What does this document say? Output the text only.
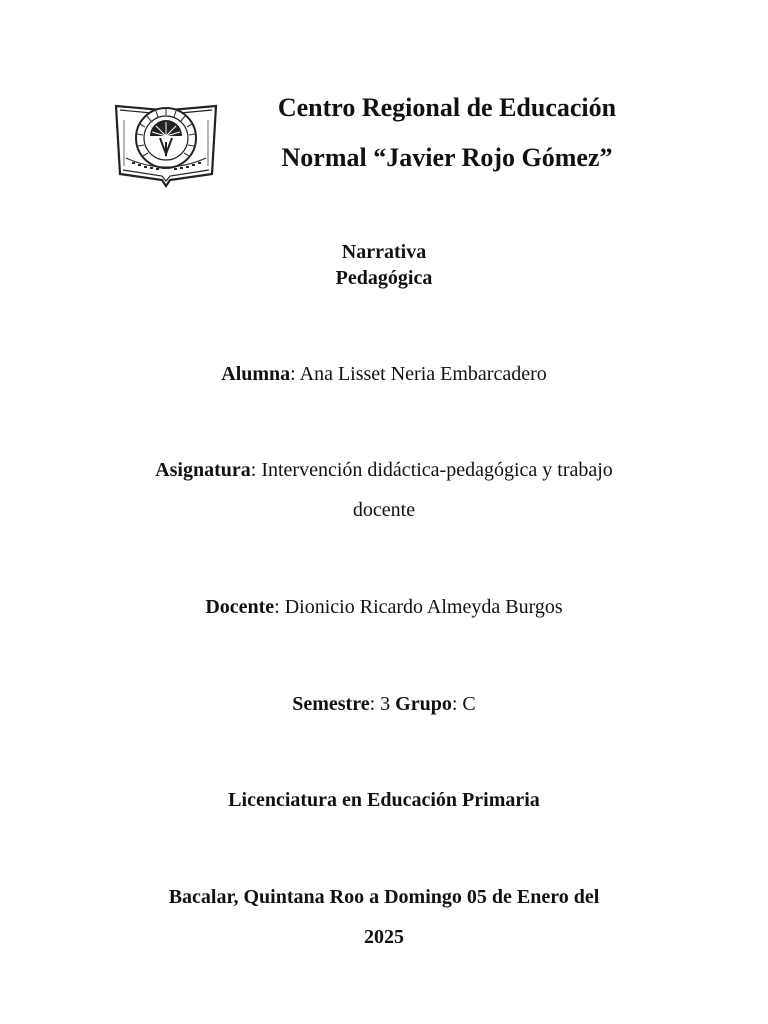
Centro Regional de Educación
Normal “Javier Rojo Gómez”
Narrativa
Pedagógica
Alumna: Ana Lisset Neria Embarcadero
Asignatura: Intervención didáctica-pedagógica y trabajo
docente
Docente: Dionicio Ricardo Almeyda Burgos
Semestre: 3 Grupo: C
Licenciatura en Educación Primaria
Bacalar, Quintana Roo a Domingo 05 de Enero del
2025
